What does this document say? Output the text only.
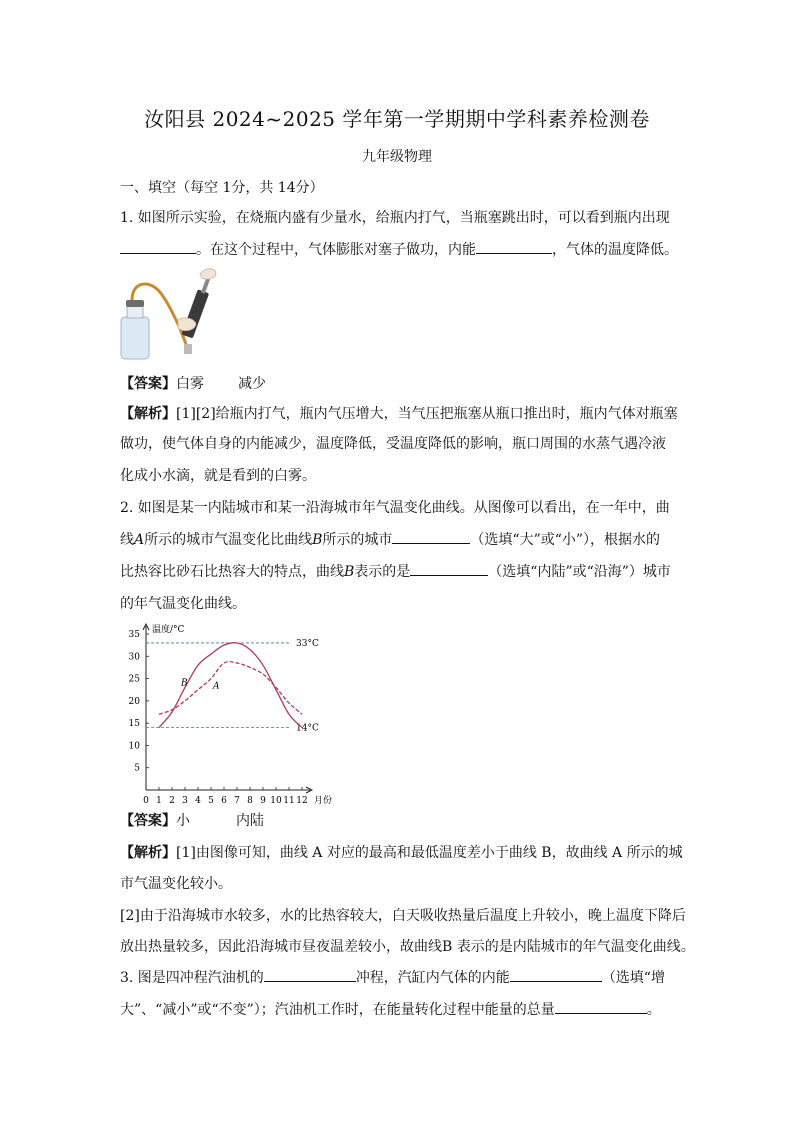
汝阳县 2024~2025 学年第一学期期中学科素养检测卷
九年级物理
一、填空（每空 1分，共 14分）
1. 如图所示实验，在烧瓶内盛有少量水，给瓶内打气，当瓶塞跳出时，可以看到瓶内出现
。在这个过程中，气体膨胀对塞子做功，内能	，气体的温度降低。
【答案】白雾 减少
【解析】[1][2]给瓶内打气，瓶内气压增大，当气压把瓶塞从瓶口推出时，瓶内气体对瓶塞
做功，使气体自身的内能减少，温度降低，受温度降低的影响，瓶口周围的水蒸气遇冷液
化成小水滴，就是看到的白雾。
2. 如图是某一内陆城市和某一沿海城市年气温变化曲线。从图像可以看出，在一年中，曲
线A所示的城市气温变化比曲线B所示的城市	（选填“大”或“小”），根据水的
比热容比砂石比热容大的特点，曲线B表示的是	（选填“内陆”或“沿海”）城市
的年气温变化曲线。
0 1 2 3 4 5 6 7 8 9 10 11 12
5
10
15
20
25
30
35 温度/°C
月份
33°C
14°C
B	A
【答案】小	内陆
【解析】[1]由图像可知，曲线 A 对应的最高和最低温度差小于曲线 B，故曲线 A 所示的城
市气温变化较小。
[2]由于沿海城市水较多，水的比热容较大，白天吸收热量后温度上升较小，晚上温度下降后
放出热量较多，因此沿海城市昼夜温差较小，故曲线B 表示的是内陆城市的年气温变化曲线。
3. 图是四冲程汽油机的	冲程，汽缸内气体的内能	（选填“增
大”、“减小”或“不变”）；汽油机工作时，在能量转化过程中能量的总量	。
